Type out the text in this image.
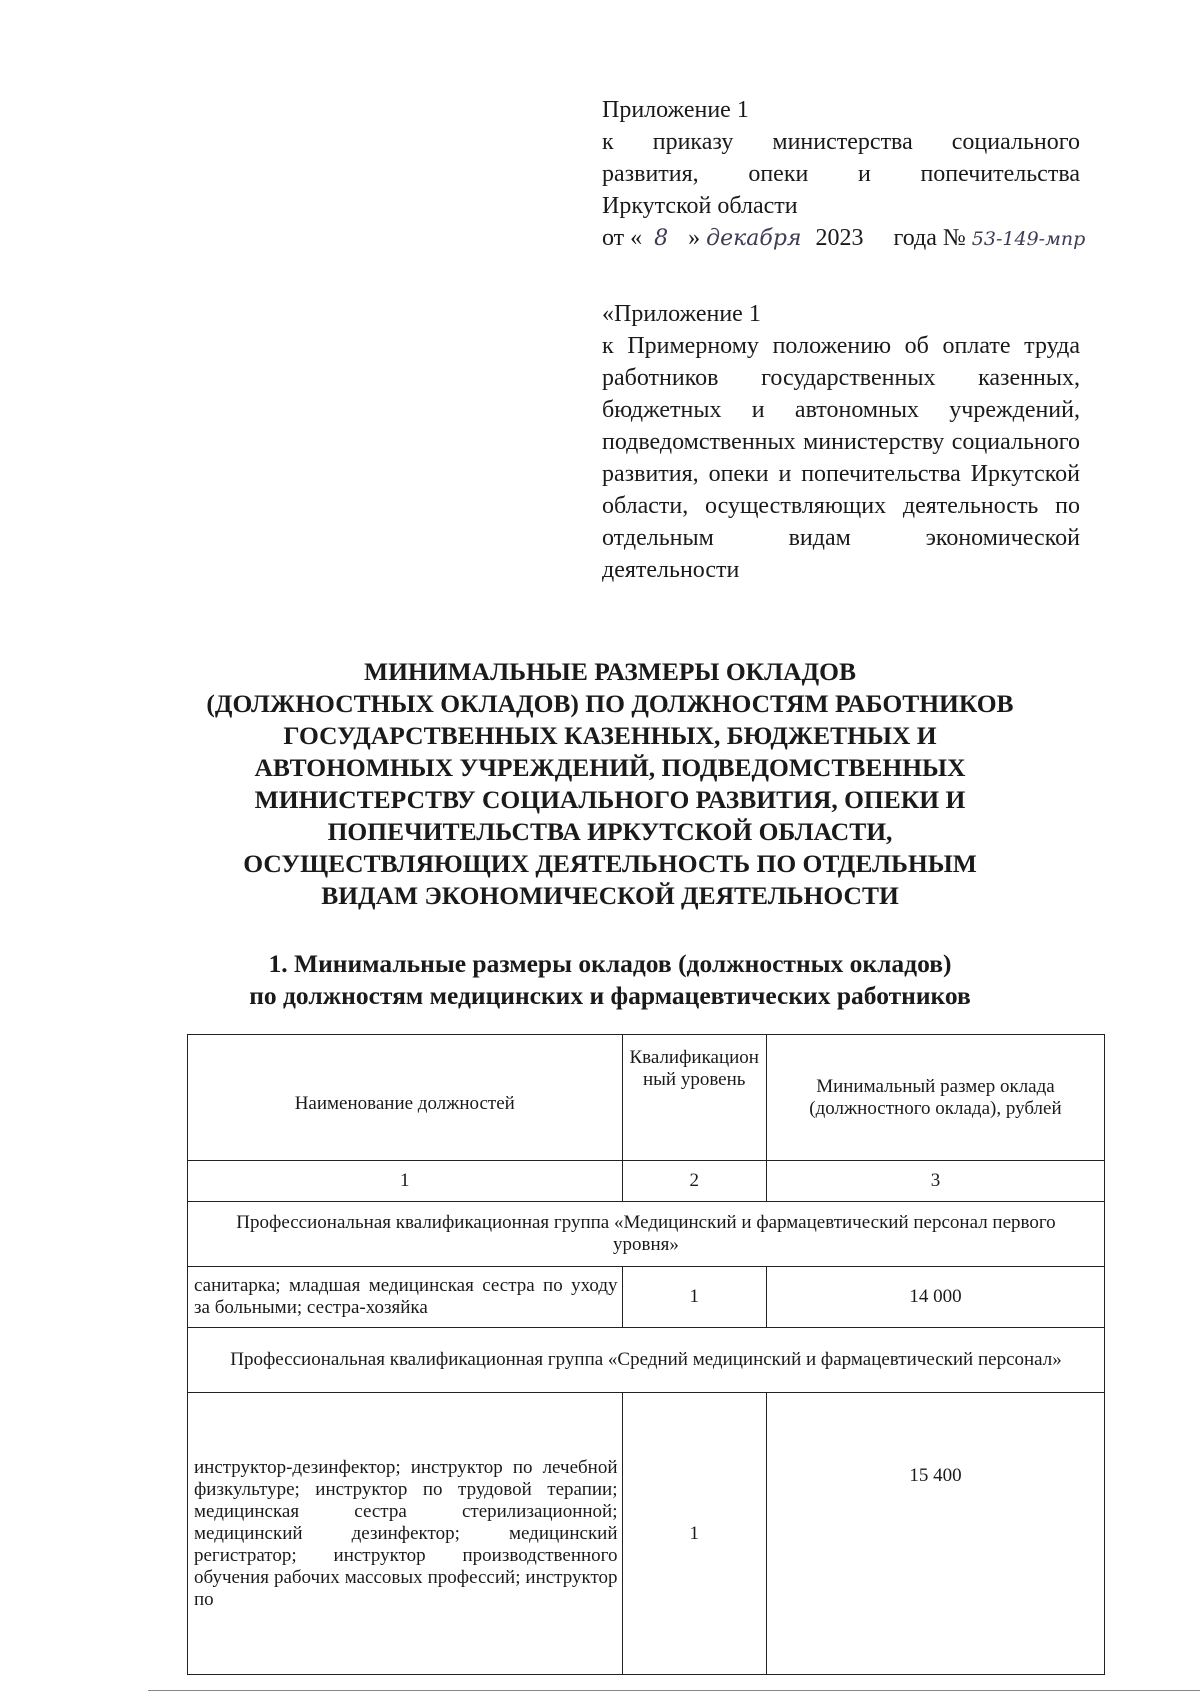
Приложение 1
к приказу министерства социального
развития, опеки и попечительства
Иркутской области
от « 8 » декабря 2023 года № 53-149-мпр
«Приложение 1
к Примерному положению об оплате труда работников государственных казенных, бюджетных и автономных учреждений, подведомственных министерству социального развития, опеки и попечительства Иркутской области, осуществляющих деятельность по отдельным видам экономической деятельности
МИНИМАЛЬНЫЕ РАЗМЕРЫ ОКЛАДОВ
(ДОЛЖНОСТНЫХ ОКЛАДОВ) ПО ДОЛЖНОСТЯМ РАБОТНИКОВ
ГОСУДАРСТВЕННЫХ КАЗЕННЫХ, БЮДЖЕТНЫХ И
АВТОНОМНЫХ УЧРЕЖДЕНИЙ, ПОДВЕДОМСТВЕННЫХ
МИНИСТЕРСТВУ СОЦИАЛЬНОГО РАЗВИТИЯ, ОПЕКИ И
ПОПЕЧИТЕЛЬСТВА ИРКУТСКОЙ ОБЛАСТИ,
ОСУЩЕСТВЛЯЮЩИХ ДЕЯТЕЛЬНОСТЬ ПО ОТДЕЛЬНЫМ
ВИДАМ ЭКОНОМИЧЕСКОЙ ДЕЯТЕЛЬНОСТИ
1. Минимальные размеры окладов (должностных окладов)
по должностям медицинских и фармацевтических работников
Наименование должностей	Квалификационный уровень	Минимальный размер оклада (должностного оклада), рублей
1	2	3
Профессиональная квалификационная группа «Медицинский и фармацевтический персонал первого уровня»		
санитарка; младшая медицинская сестра по уходу за больными; сестра-хозяйка	1	14 000
Профессиональная квалификационная группа «Средний медицинский и фармацевтический персонал»		
инструктор-дезинфектор; инструктор по лечебной физкультуре; инструктор по трудовой терапии; медицинская сестра стерилизационной; медицинский дезинфектор; медицинский регистратор; инструктор производственного обучения рабочих массовых профессий; инструктор по	1	15 400
